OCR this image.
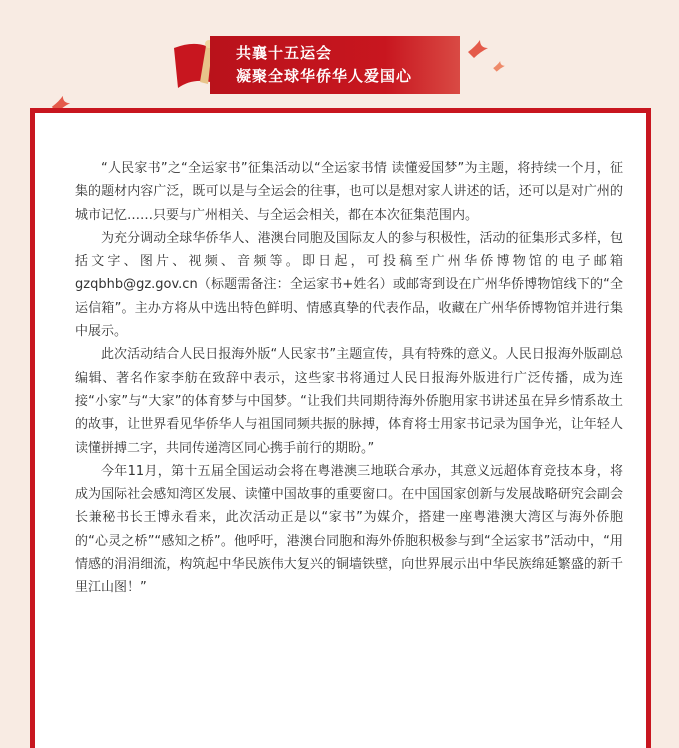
共襄十五运会
凝聚全球华侨华人爱国心

“人民家书”之“全运家书”征集活动以“全运家书情 读懂爱国梦”为主题，将持续一个月，征集的题材内容广泛，既可以是与全运会的往事，也可以是想对家人讲述的话，还可以是对广州的城市记忆……只要与广州相关、与全运会相关，都在本次征集范围内。

为充分调动全球华侨华人、港澳台同胞及国际友人的参与积极性，活动的征集形式多样，包括文字、图片、视频、音频等。即日起，可投稿至广州华侨博物馆的电子邮箱gzqbhb@gz.gov.cn（标题需备注：全运家书+姓名）或邮寄到设在广州华侨博物馆线下的“全运信箱”。主办方将从中选出特色鲜明、情感真挚的代表作品，收藏在广州华侨博物馆并进行集中展示。

此次活动结合人民日报海外版“人民家书”主题宣传，具有特殊的意义。人民日报海外版副总编辑、著名作家李舫在致辞中表示，这些家书将通过人民日报海外版进行广泛传播，成为连接“小家”与“大家”的体育梦与中国梦。“让我们共同期待海外侨胞用家书讲述虽在异乡情系故土的故事，让世界看见华侨华人与祖国同频共振的脉搏，体育将士用家书记录为国争光，让年轻人读懂拼搏二字，共同传递湾区同心携手前行的期盼。”

今年11月，第十五届全国运动会将在粤港澳三地联合承办，其意义远超体育竞技本身，将成为国际社会感知湾区发展、读懂中国故事的重要窗口。在中国国家创新与发展战略研究会副会长兼秘书长王博永看来，此次活动正是以“家书”为媒介，搭建一座粤港澳大湾区与海外侨胞的“心灵之桥”“感知之桥”。他呼吁，港澳台同胞和海外侨胞积极参与到“全运家书”活动中，“用情感的涓涓细流，构筑起中华民族伟大复兴的铜墙铁壁，向世界展示出中华民族绵延繁盛的新千里江山图！”
